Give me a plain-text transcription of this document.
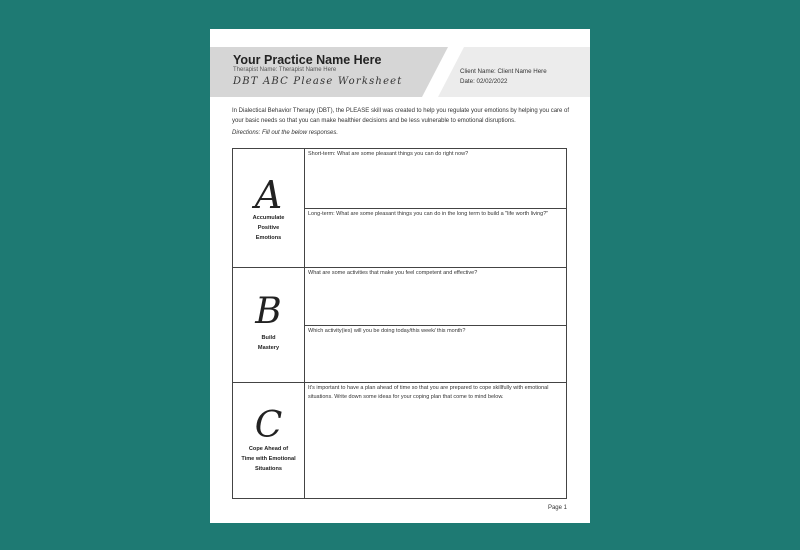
Your Practice Name Here
Therapist Name: Therapist Name Here
DBT ABC Please Worksheet
Client Name: Client Name Here
Date: 02/02/2022
In Dialectical Behavior Therapy (DBT), the PLEASE skill was created to help you regulate your emotions by helping you care of your basic needs so that you can make healthier decisions and be less vulnerable to emotional disruptions.
Directions: Fill out the below responses.
A
Accumulate
Positive
Emotions
Short-term: What are some pleasant things you can do right now?
Long-term: What are some pleasant things you can do in the long term to build a "life worth living?"
B
Build
Mastery
What are some activities that make you feel competent and effective?
Which activity(ies) will you be doing today/this week/ this month?
C
Cope Ahead of
Time with Emotional
Situations
It's important to have a plan ahead of time so that you are prepared to cope skillfully with emotional situations. Write down some ideas for your coping plan that come to mind below.
Page 1
